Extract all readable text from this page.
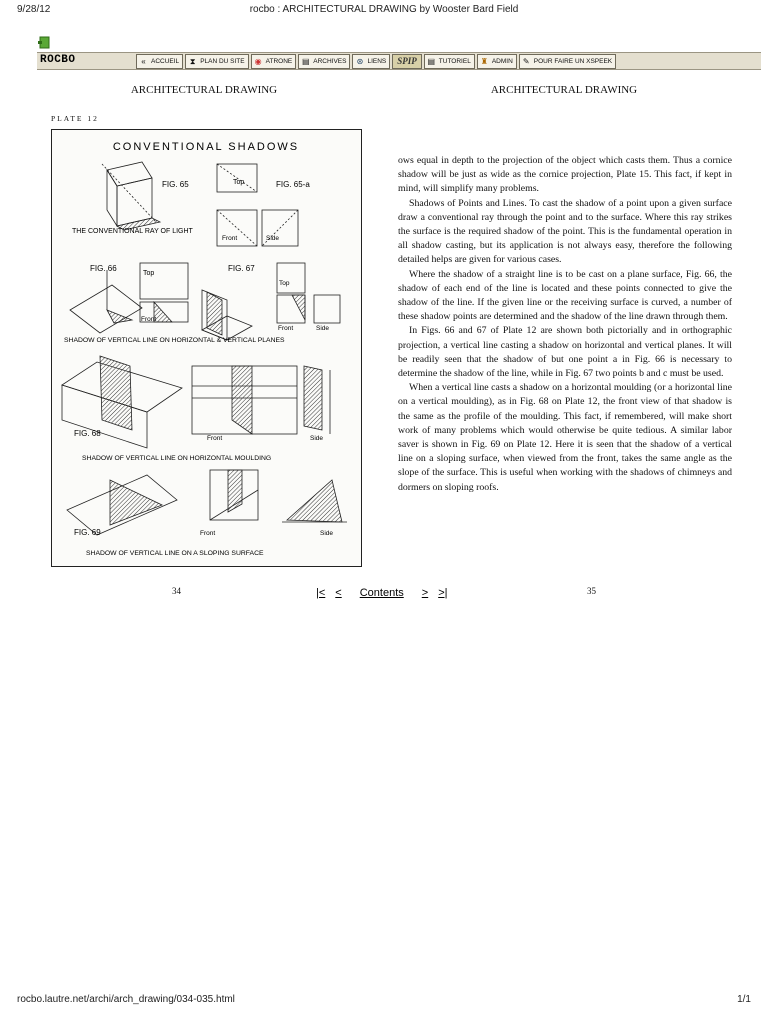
9/28/12	rocbo : ARCHITECTURAL DRAWING by Wooster Bard Field
ROCBO	« ACCUEIL	⧗ PLAN DU SITE ◉ ATRONE ▤ ARCHIVES ⊛ LIENS	SPIP	▤ TUTORIEL ♜ ADMIN ✎ POUR FAIRE UN XSPEEK
ARCHITECTURAL DRAWING	ARCHITECTURAL DRAWING
PLATE 12
CONVENTIONAL SHADOWS
FIG. 65	Top	FIG. 65-a
Front	Side
THE CONVENTIONAL RAY OF LIGHT
FIG. 66
Top
Front
FIG. 67
Top
Front	Side
SHADOW OF VERTICAL LINE ON HORIZONTAL & VERTICAL PLANES
FIG. 68
Front	Side
SHADOW OF VERTICAL LINE ON HORIZONTAL MOULDING
FIG. 69	Front	Side
SHADOW OF VERTICAL LINE ON A SLOPING SURFACE

ows equal in depth to the projection of the object which casts them. Thus a cornice shadow will be just as wide as the cornice projection, Plate 15. This fact, if kept in mind, will simplify many problems.

Shadows of Points and Lines. To cast the shadow of a point upon a given surface draw a conventional ray through the point and to the surface. Where this ray strikes the surface is the required shadow of the point. This is the fundamental operation in all shadow casting, but its application is not always easy, therefore the following detailed helps are given for various cases.

Where the shadow of a straight line is to be cast on a plane surface, Fig. 66, the shadow of each end of the line is located and these points connected to give the shadow of the line. If the given line or the receiving surface is curved, a number of these shadow points are determined and the shadow of the line drawn through them.

In Figs. 66 and 67 of Plate 12 are shown both pictorially and in orthographic projection, a vertical line casting a shadow on horizontal and vertical planes. It will be readily seen that the shadow of but one point a in Fig. 66 is necessary to determine the shadow of the line, while in Fig. 67 two points b and c must be used.

When a vertical line casts a shadow on a horizontal moulding (or a horizontal line on a vertical moulding), as in Fig. 68 on Plate 12, the front view of that shadow is the same as the profile of the moulding. This fact, if remembered, will make short work of many problems which would otherwise be quite tedious. A similar labor saver is shown in Fig. 69 on Plate 12. Here it is seen that the shadow of a vertical line on a sloping surface, when viewed from the front, takes the same angle as the slope of the surface. This is useful when working with the shadows of chimneys and dormers on sloping roofs.

34	35
|< < Contents > >|
rocbo.lautre.net/archi/arch_drawing/034-035.html	1/1
